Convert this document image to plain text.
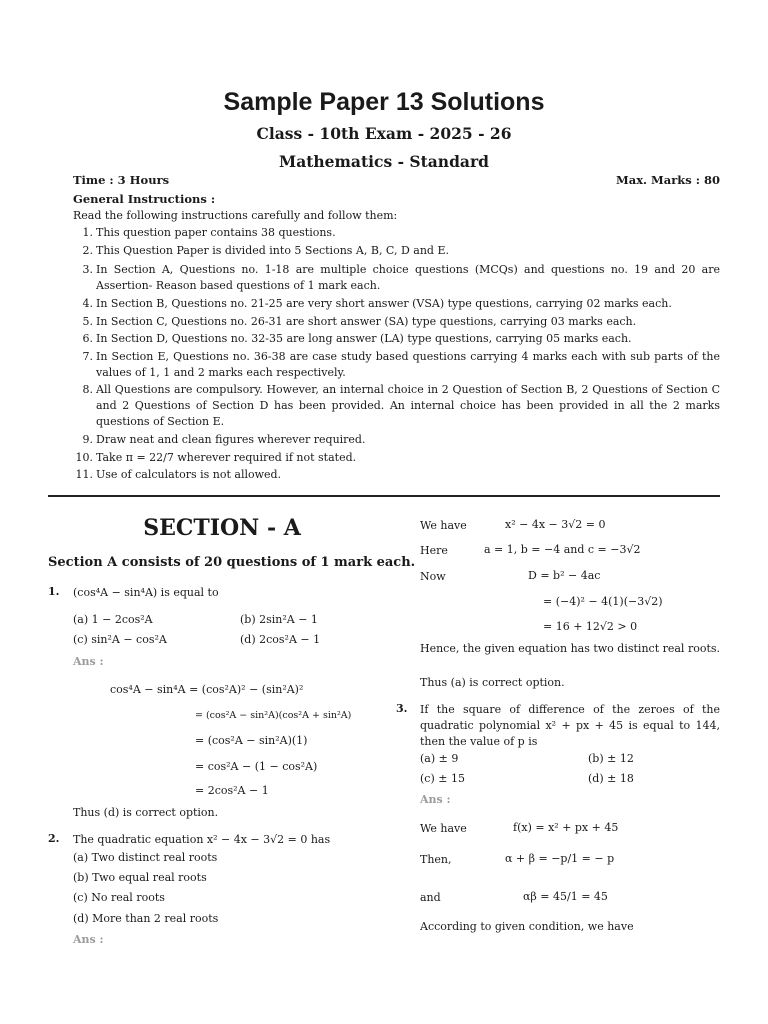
Sample Paper 13 Solutions
Class - 10th Exam - 2025 - 26
Mathematics - Standard
Time : 3 Hours	Max. Marks : 80
General Instructions :
Read the following instructions carefully and follow them:
1. This question paper contains 38 questions.
2. This Question Paper is divided into 5 Sections A, B, C, D and E.
3. In Section A, Questions no. 1-18 are multiple choice questions (MCQs) and questions no. 19 and 20 are Assertion- Reason based questions of 1 mark each.
4. In Section B, Questions no. 21-25 are very short answer (VSA) type questions, carrying 02 marks each.
5. In Section C, Questions no. 26-31 are short answer (SA) type questions, carrying 03 marks each.
6. In Section D, Questions no. 32-35 are long answer (LA) type questions, carrying 05 marks each.
7. In Section E, Questions no. 36-38 are case study based questions carrying 4 marks each with sub parts of the values of 1, 1 and 2 marks each respectively.
8. All Questions are compulsory. However, an internal choice in 2 Question of Section B, 2 Questions of Section C and 2 Questions of Section D has been provided. An internal choice has been provided in all the 2 marks questions of Section E.
9. Draw neat and clean figures wherever required.
10. Take π = 22/7 wherever required if not stated.
11. Use of calculators is not allowed.
SECTION - A
Section A consists of 20 questions of 1 mark each.
1. (cos⁴A − sin⁴A) is equal to
(a) 1 − 2cos²A	(b) 2sin²A − 1
(c) sin²A − cos²A	(d) 2cos²A − 1
Ans :
cos⁴A − sin⁴A = (cos²A)² − (sin²A)²
= (cos²A − sin²A)(cos²A + sin²A)
= (cos²A − sin²A)(1)
= cos²A − (1 − cos²A)
= 2cos²A − 1
Thus (d) is correct option.
2. The quadratic equation x² − 4x − 3√2 = 0 has
(a) Two distinct real roots
(b) Two equal real roots
(c) No real roots
(d) More than 2 real roots
Ans :
We have	x² − 4x − 3√2 = 0
Here	a = 1, b = −4 and c = −3√2
Now	D = b² − 4ac
= (−4)² − 4(1)(−3√2)
= 16 + 12√2 > 0
Hence, the given equation has two distinct real roots.
Thus (a) is correct option.
3. If the square of difference of the zeroes of the quadratic polynomial x² + px + 45 is equal to 144, then the value of p is
(a) ± 9	(b) ± 12
(c) ± 15	(d) ± 18
Ans :
We have	f(x) = x² + px + 45
Then,	α + β = −p/1 = − p
and	αβ = 45/1 = 45
According to given condition, we have
